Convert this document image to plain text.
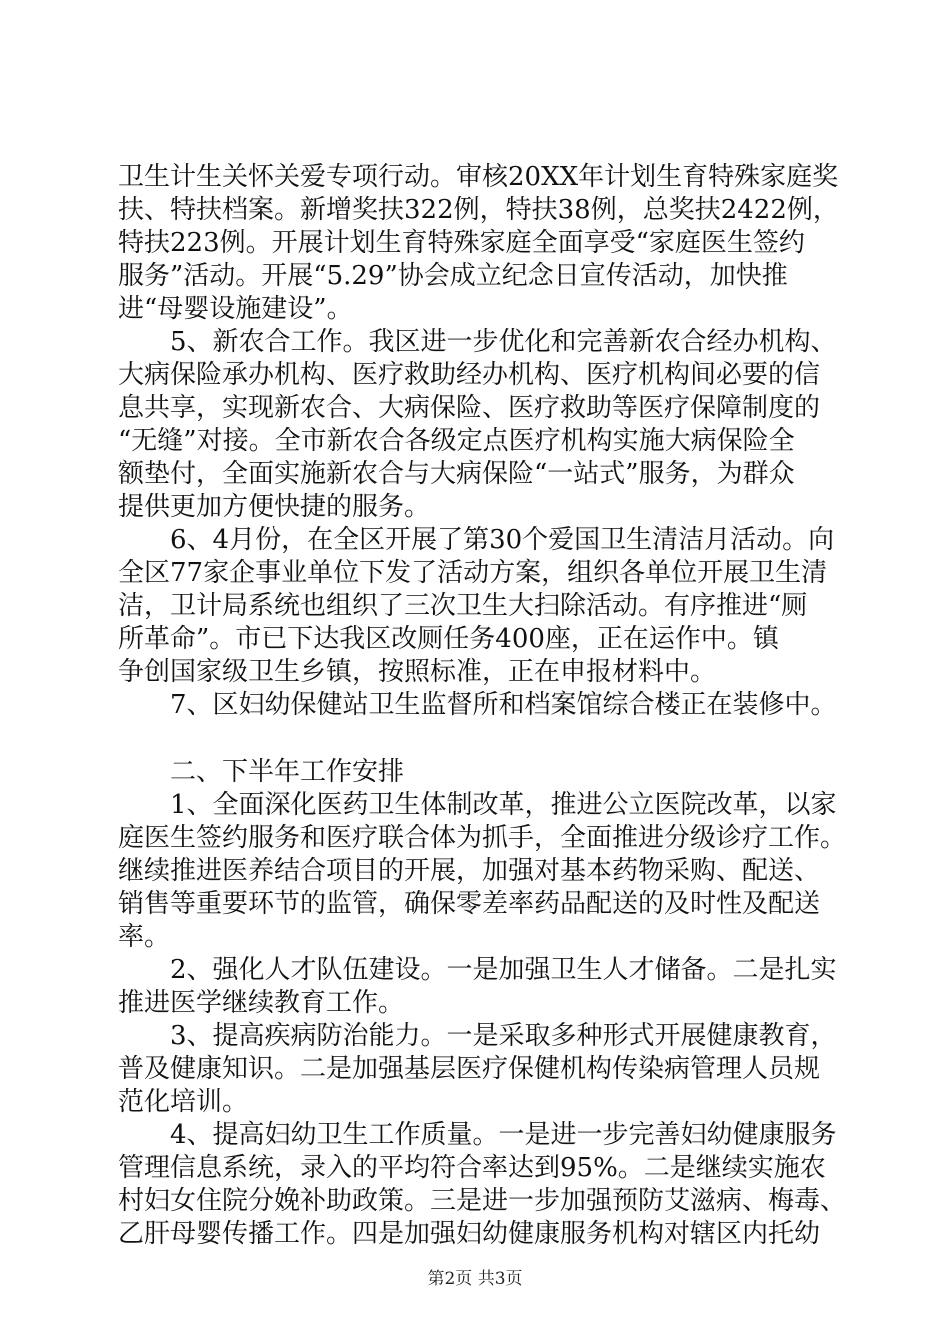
卫生计生关怀关爱专项行动。审核20XX年计划生育特殊家庭奖
扶、特扶档案。新增奖扶322例，特扶38例，总奖扶2422例，
特扶223例。开展计划生育特殊家庭全面享受“家庭医生签约
服务”活动。开展“5.29”协会成立纪念日宣传活动，加快推
进“母婴设施建设”。
5、新农合工作。我区进一步优化和完善新农合经办机构、
大病保险承办机构、医疗救助经办机构、医疗机构间必要的信
息共享，实现新农合、大病保险、医疗救助等医疗保障制度的
“无缝”对接。全市新农合各级定点医疗机构实施大病保险全
额垫付，全面实施新农合与大病保险“一站式”服务，为群众
提供更加方便快捷的服务。
6、4月份，在全区开展了第30个爱国卫生清洁月活动。向
全区77家企事业单位下发了活动方案，组织各单位开展卫生清
洁，卫计局系统也组织了三次卫生大扫除活动。有序推进“厕
所革命”。市已下达我区改厕任务400座，正在运作中。镇
争创国家级卫生乡镇，按照标准，正在申报材料中。
7、区妇幼保健站卫生监督所和档案馆综合楼正在装修中。
二、下半年工作安排
1、全面深化医药卫生体制改革，推进公立医院改革，以家
庭医生签约服务和医疗联合体为抓手，全面推进分级诊疗工作。
继续推进医养结合项目的开展，加强对基本药物采购、配送、
销售等重要环节的监管，确保零差率药品配送的及时性及配送
率。
2、强化人才队伍建设。一是加强卫生人才储备。二是扎实
推进医学继续教育工作。
3、提高疾病防治能力。一是采取多种形式开展健康教育，
普及健康知识。二是加强基层医疗保健机构传染病管理人员规
范化培训。
4、提高妇幼卫生工作质量。一是进一步完善妇幼健康服务
管理信息系统，录入的平均符合率达到95%。二是继续实施农
村妇女住院分娩补助政策。三是进一步加强预防艾滋病、梅毒、
乙肝母婴传播工作。四是加强妇幼健康服务机构对辖区内托幼
第2页 共3页
